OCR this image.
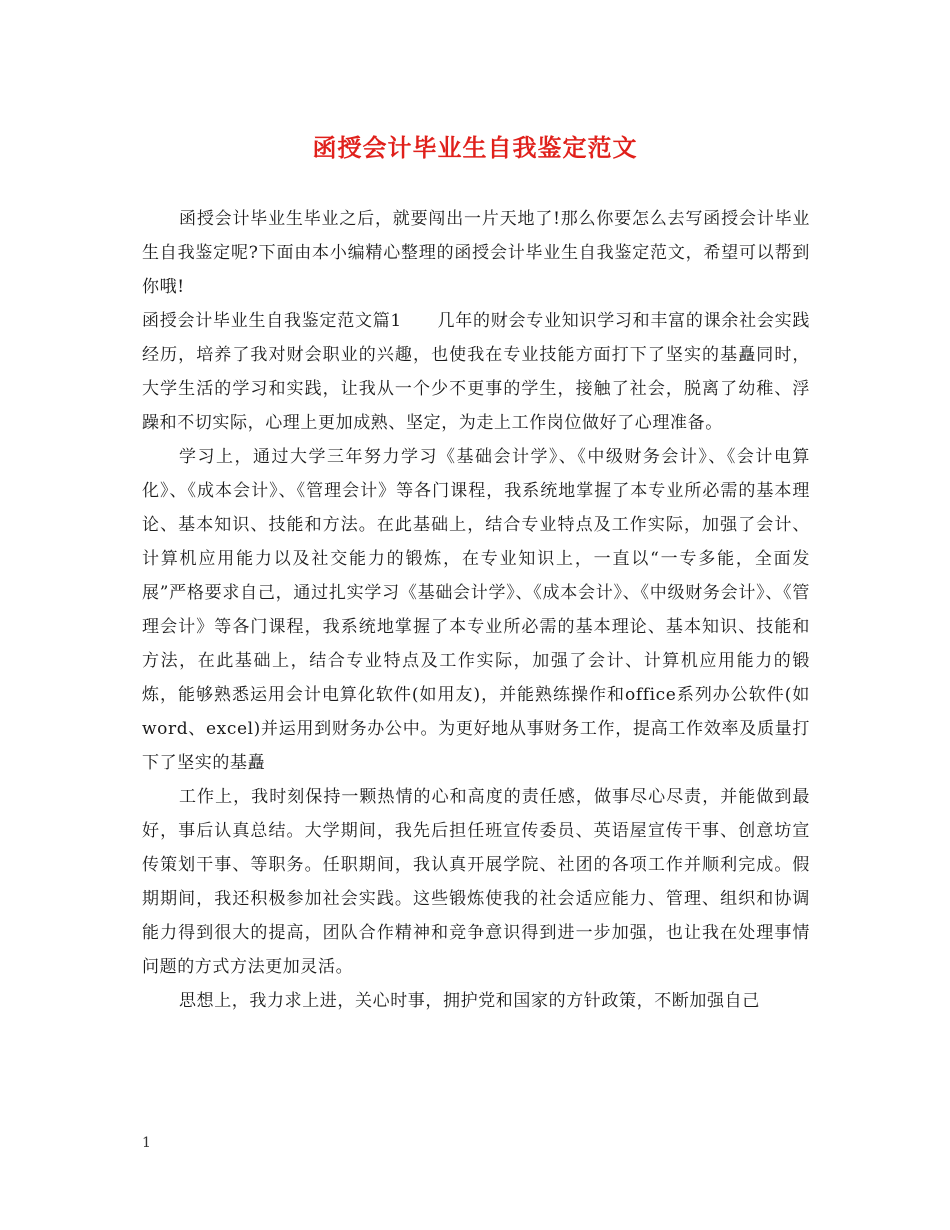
函授会计毕业生自我鉴定范文

函授会计毕业生毕业之后，就要闯出一片天地了!那么你要怎么去写函授会计毕业生自我鉴定呢?下面由本小编精心整理的函授会计毕业生自我鉴定范文，希望可以帮到你哦!

函授会计毕业生自我鉴定范文篇1　　几年的财会专业知识学习和丰富的课余社会实践经历，培养了我对财会职业的兴趣，也使我在专业技能方面打下了坚实的基矗同时，大学生活的学习和实践，让我从一个少不更事的学生，接触了社会，脱离了幼稚、浮躁和不切实际，心理上更加成熟、坚定，为走上工作岗位做好了心理准备。

学习上，通过大学三年努力学习《基础会计学》、《中级财务会计》、《会计电算化》、《成本会计》、《管理会计》等各门课程，我系统地掌握了本专业所必需的基本理论、基本知识、技能和方法。在此基础上，结合专业特点及工作实际，加强了会计、计算机应用能力以及社交能力的锻炼，在专业知识上，一直以“一专多能，全面发展”严格要求自己，通过扎实学习《基础会计学》、《成本会计》、《中级财务会计》、《管理会计》等各门课程，我系统地掌握了本专业所必需的基本理论、基本知识、技能和方法，在此基础上，结合专业特点及工作实际，加强了会计、计算机应用能力的锻炼，能够熟悉运用会计电算化软件(如用友)，并能熟练操作和office系列办公软件(如word、excel)并运用到财务办公中。为更好地从事财务工作，提高工作效率及质量打下了坚实的基矗

工作上，我时刻保持一颗热情的心和高度的责任感，做事尽心尽责，并能做到最好，事后认真总结。大学期间，我先后担任班宣传委员、英语屋宣传干事、创意坊宣传策划干事、等职务。任职期间，我认真开展学院、社团的各项工作并顺利完成。假期期间，我还积极参加社会实践。这些锻炼使我的社会适应能力、管理、组织和协调能力得到很大的提高，团队合作精神和竞争意识得到进一步加强，也让我在处理事情问题的方式方法更加灵活。

思想上，我力求上进，关心时事，拥护党和国家的方针政策，不断加强自己

1
